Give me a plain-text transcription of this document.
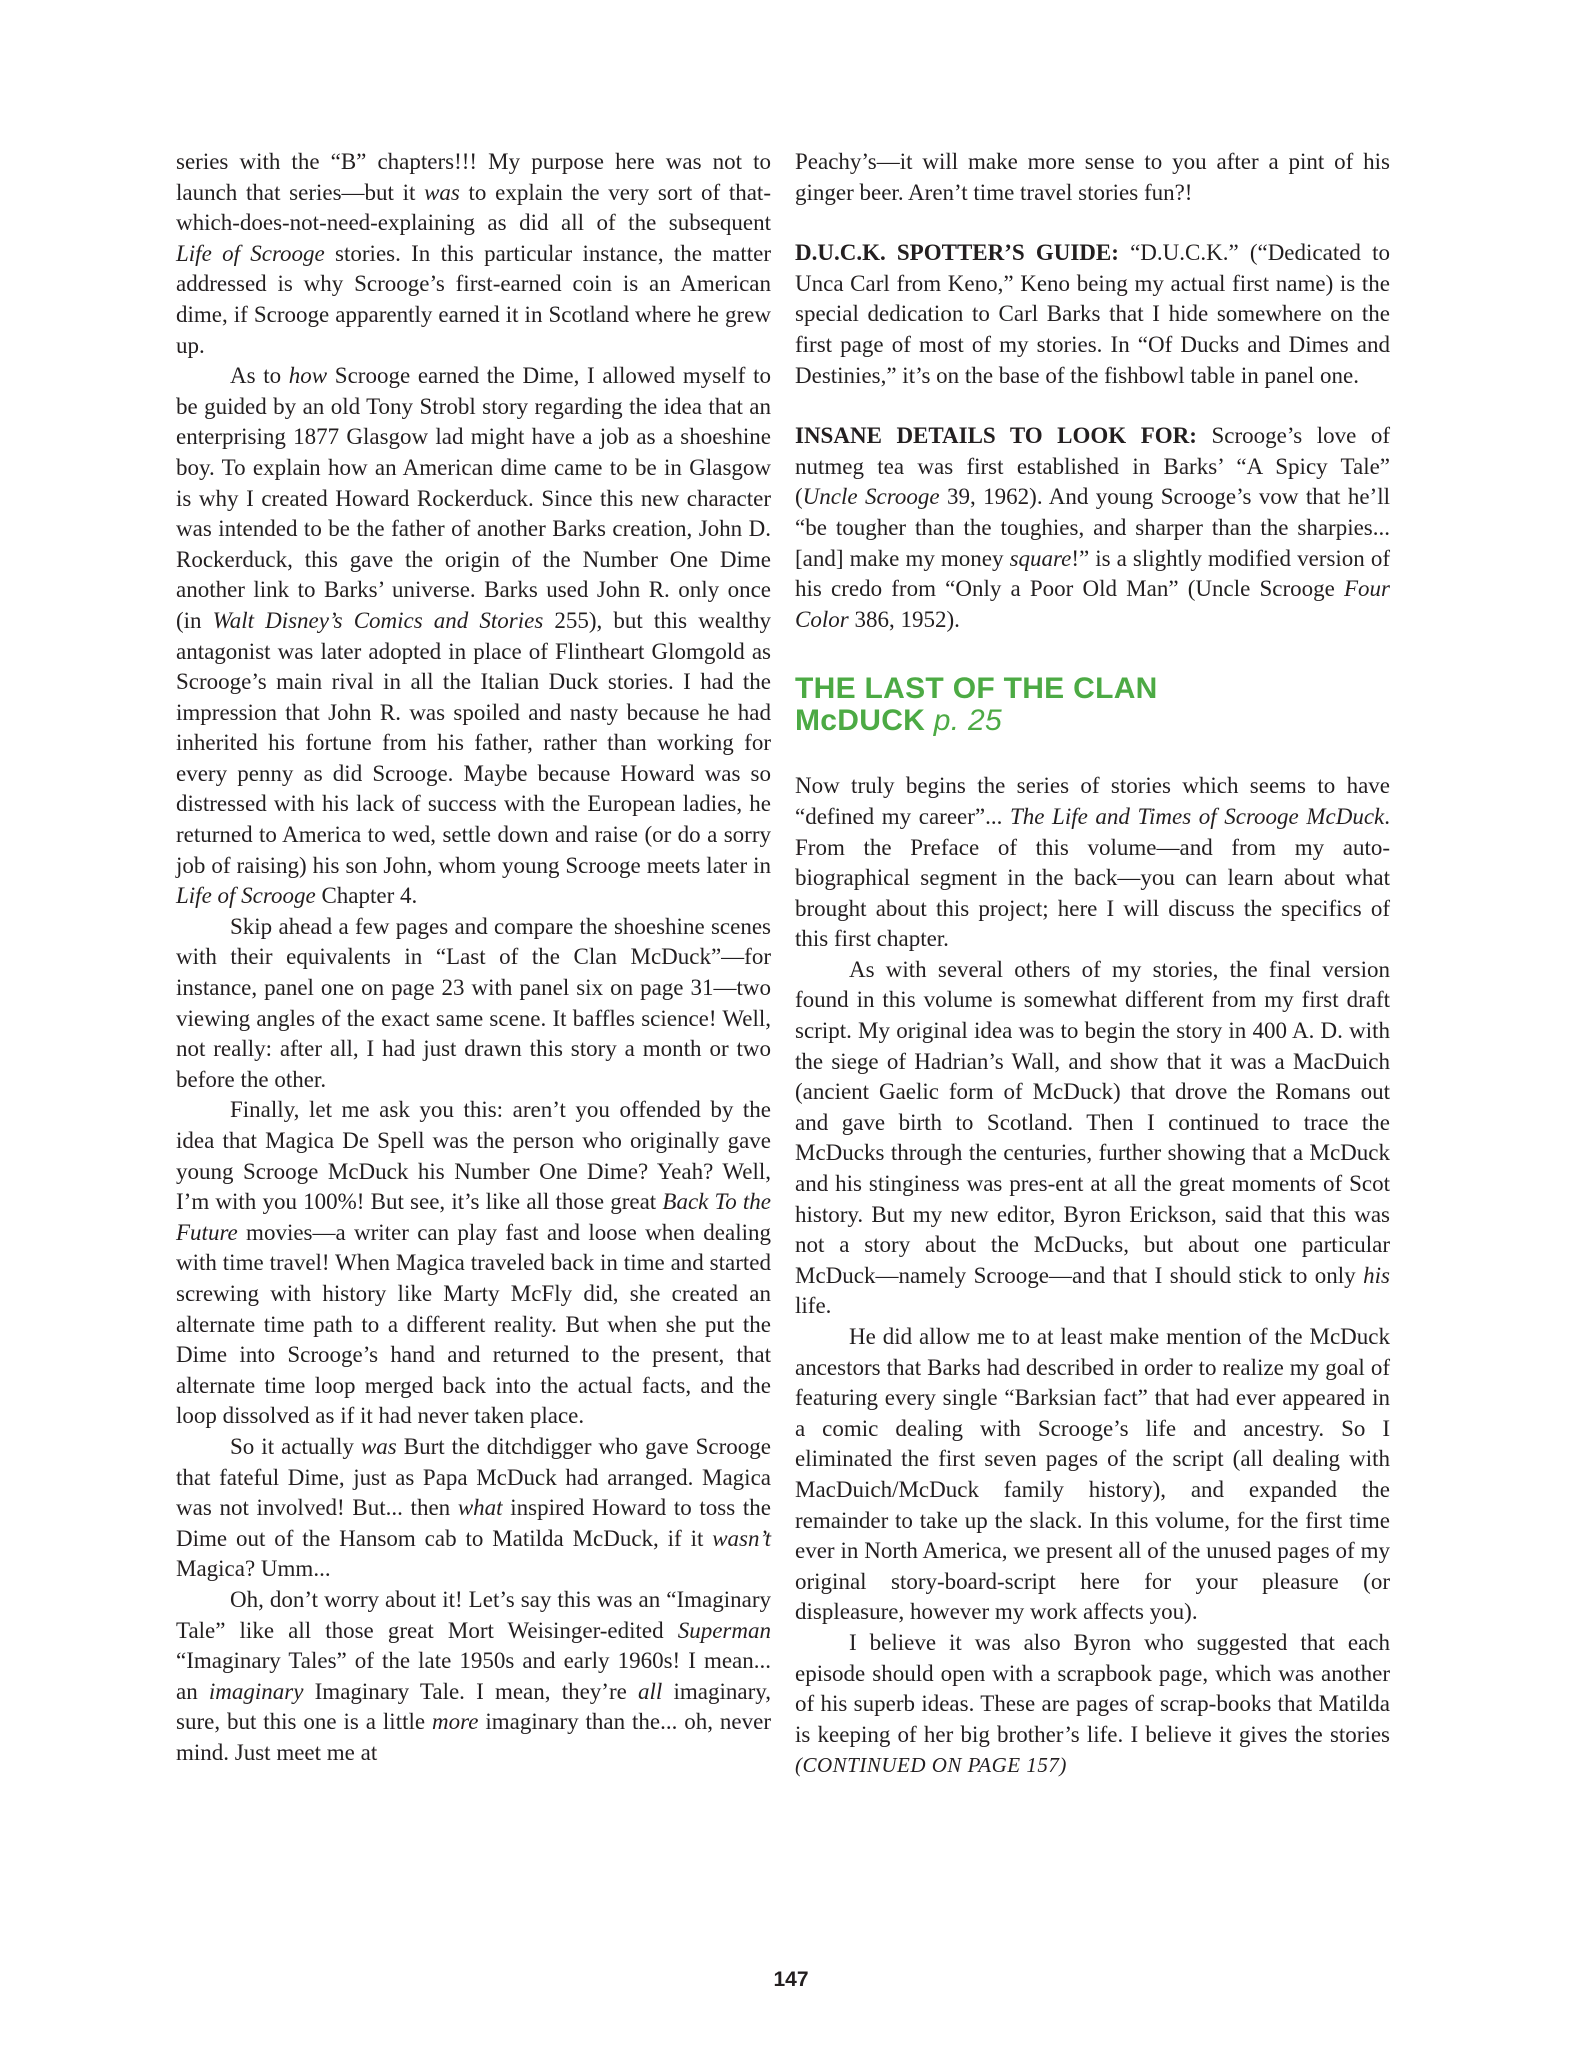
series with the “B” chapters!!! My purpose here was not to launch that series—but it was to explain the very sort of that-which-does-not-need-explaining as did all of the subsequent Life of Scrooge stories. In this particular instance, the matter addressed is why Scrooge’s first-earned coin is an American dime, if Scrooge apparently earned it in Scotland where he grew up.

As to how Scrooge earned the Dime, I allowed myself to be guided by an old Tony Strobl story regarding the idea that an enterprising 1877 Glasgow lad might have a job as a shoeshine boy. To explain how an American dime came to be in Glasgow is why I created Howard Rockerduck. Since this new character was intended to be the father of another Barks creation, John D. Rockerduck, this gave the origin of the Number One Dime another link to Barks’ universe. Barks used John R. only once (in Walt Disney’s Comics and Stories 255), but this wealthy antagonist was later adopted in place of Flintheart Glomgold as Scrooge’s main rival in all the Italian Duck stories. I had the impression that John R. was spoiled and nasty because he had inherited his fortune from his father, rather than working for every penny as did Scrooge. Maybe because Howard was so distressed with his lack of success with the European ladies, he returned to America to wed, settle down and raise (or do a sorry job of raising) his son John, whom young Scrooge meets later in Life of Scrooge Chapter 4.

Skip ahead a few pages and compare the shoeshine scenes with their equivalents in “Last of the Clan McDuck”—for instance, panel one on page 23 with panel six on page 31—two viewing angles of the exact same scene. It baffles science! Well, not really: after all, I had just drawn this story a month or two before the other.

Finally, let me ask you this: aren’t you offended by the idea that Magica De Spell was the person who originally gave young Scrooge McDuck his Number One Dime? Yeah? Well, I’m with you 100%! But see, it’s like all those great Back To the Future movies—a writer can play fast and loose when dealing with time travel! When Magica traveled back in time and started screwing with history like Marty McFly did, she created an alternate time path to a different reality. But when she put the Dime into Scrooge’s hand and returned to the present, that alternate time loop merged back into the actual facts, and the loop dissolved as if it had never taken place.

So it actually was Burt the ditchdigger who gave Scrooge that fateful Dime, just as Papa McDuck had arranged. Magica was not involved! But... then what inspired Howard to toss the Dime out of the Hansom cab to Matilda McDuck, if it wasn’t Magica? Umm...

Oh, don’t worry about it! Let’s say this was an “Imaginary Tale” like all those great Mort Weisinger-edited Superman “Imaginary Tales” of the late 1950s and early 1960s! I mean... an imaginary Imaginary Tale. I mean, they’re all imaginary, sure, but this one is a little more imaginary than the... oh, never mind. Just meet me at

Peachy’s—it will make more sense to you after a pint of his ginger beer. Aren’t time travel stories fun?!

D.U.C.K. SPOTTER’S GUIDE: “D.U.C.K.” (“Dedicated to Unca Carl from Keno,” Keno being my actual first name) is the special dedication to Carl Barks that I hide somewhere on the first page of most of my stories. In “Of Ducks and Dimes and Destinies,” it’s on the base of the fishbowl table in panel one.

INSANE DETAILS TO LOOK FOR: Scrooge’s love of nutmeg tea was first established in Barks’ “A Spicy Tale” (Uncle Scrooge 39, 1962). And young Scrooge’s vow that he’ll “be tougher than the toughies, and sharper than the sharpies... [and] make my money square!” is a slightly modified version of his credo from “Only a Poor Old Man” (Uncle Scrooge Four Color 386, 1952).

THE LAST OF THE CLAN
McDUCK p. 25

Now truly begins the series of stories which seems to have “defined my career”... The Life and Times of Scrooge McDuck. From the Preface of this volume—and from my auto-biographical segment in the back—you can learn about what brought about this project; here I will discuss the specifics of this first chapter.

As with several others of my stories, the final version found in this volume is somewhat different from my first draft script. My original idea was to begin the story in 400 A. D. with the siege of Hadrian’s Wall, and show that it was a MacDuich (ancient Gaelic form of McDuck) that drove the Romans out and gave birth to Scotland. Then I continued to trace the McDucks through the centuries, further showing that a McDuck and his stinginess was pres-ent at all the great moments of Scot history. But my new editor, Byron Erickson, said that this was not a story about the McDucks, but about one particular McDuck—namely Scrooge—and that I should stick to only his life.

He did allow me to at least make mention of the McDuck ancestors that Barks had described in order to realize my goal of featuring every single “Barksian fact” that had ever appeared in a comic dealing with Scrooge’s life and ancestry. So I eliminated the first seven pages of the script (all dealing with MacDuich/McDuck family history), and expanded the remainder to take up the slack. In this volume, for the first time ever in North America, we present all of the unused pages of my original story-board-script here for your pleasure (or displeasure, however my work affects you).

I believe it was also Byron who suggested that each episode should open with a scrapbook page, which was another of his superb ideas. These are pages of scrap-books that Matilda is keeping of her big brother’s life. I believe it gives the stories (CONTINUED ON PAGE 157)

147
